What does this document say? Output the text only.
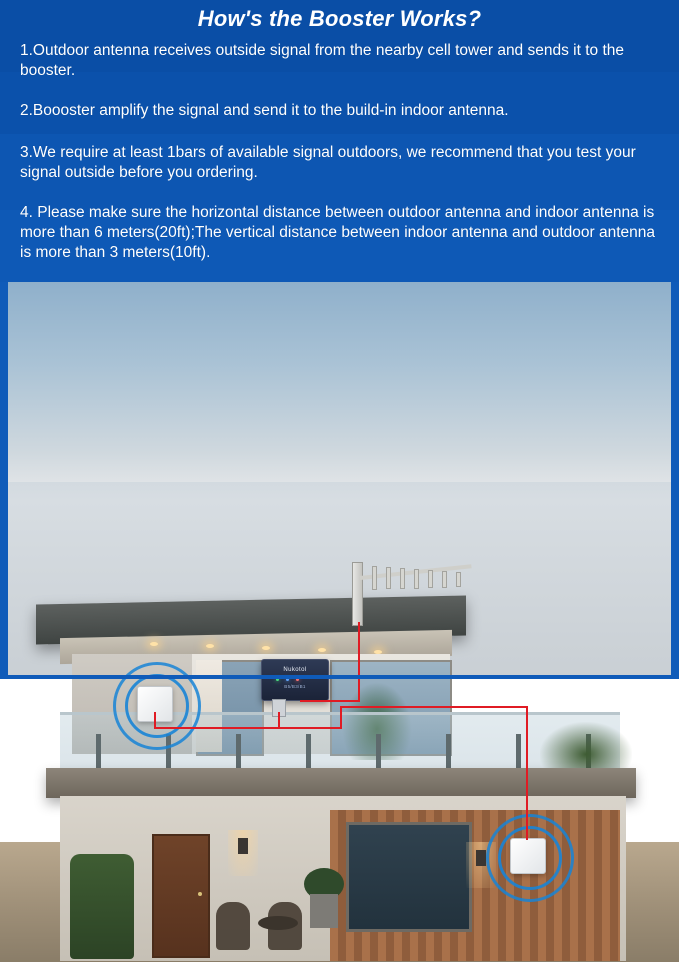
How's the Booster Works?
1.Outdoor antenna receives outside signal from the nearby cell tower and sends it to the booster.
2.Boooster amplify the signal and send it to the build-in indoor antenna.
3.We require at least 1bars of available signal outdoors, we recommend that you test your signal outside before you ordering.
4. Please make sure the horizontal distance between outdoor antenna and indoor antenna is more than 6 meters(20ft);The vertical distance between indoor antenna and outdoor antenna is more than 3 meters(10ft).
Nukotol
B5/B3/B1
